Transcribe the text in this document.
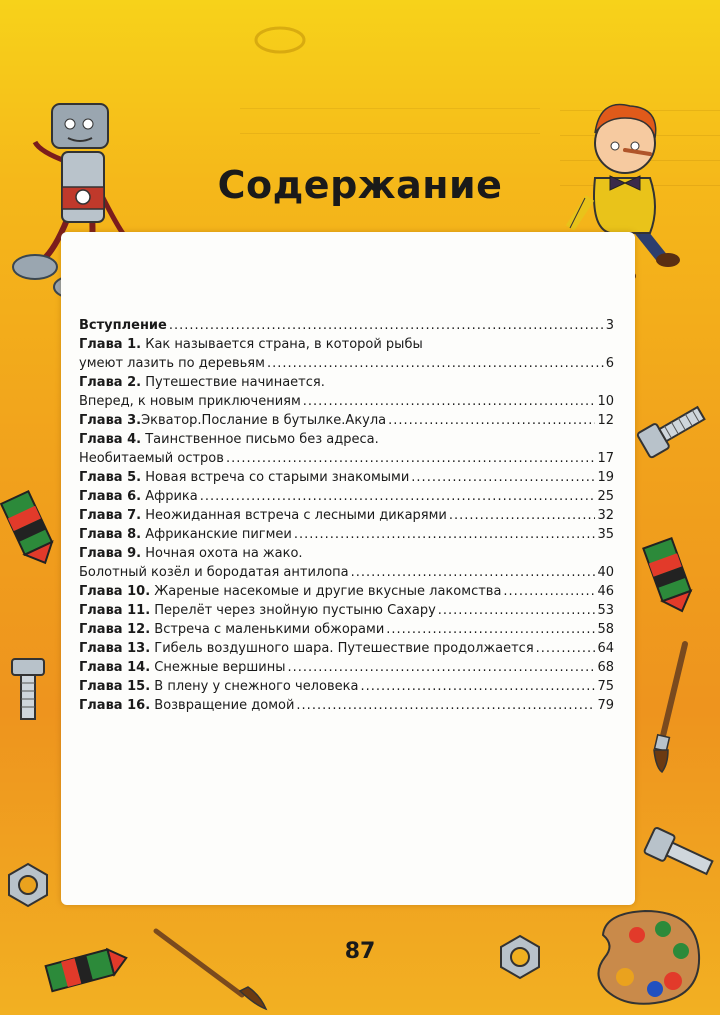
Содержание
Вступление .....	3
Глава 1. Как называется страна, в которой рыбы
умеют лазить по деревьям .....	6
Глава 2. Путешествие начинается.
Вперед, к новым приключениям .....	10
Глава 3.Экватор.Послание в бутылке.Акула .....	12
Глава 4. Таинственное письмо без адреса.
Необитаемый остров .....	17
Глава 5. Новая встреча со старыми знакомыми .....	19
Глава 6. Африка .....	25
Глава 7. Неожиданная встреча с лесными дикарями .....	32
Глава 8. Африканские пигмеи .....	35
Глава 9. Ночная охота на жако.
Болотный козёл и бородатая антилопа .....	40
Глава 10. Жареные насекомые и другие вкусные лакомства .....	46
Глава 11. Перелёт через знойную пустыню Сахару .....	53
Глава 12. Встреча с маленькими обжорами .....	58
Глава 13. Гибель воздушного шара. Путешествие продолжается .....	64
Глава 14. Снежные вершины .....	68
Глава 15. В плену у снежного человека .....	75
Глава 16. Возвращение домой .....	79
87
